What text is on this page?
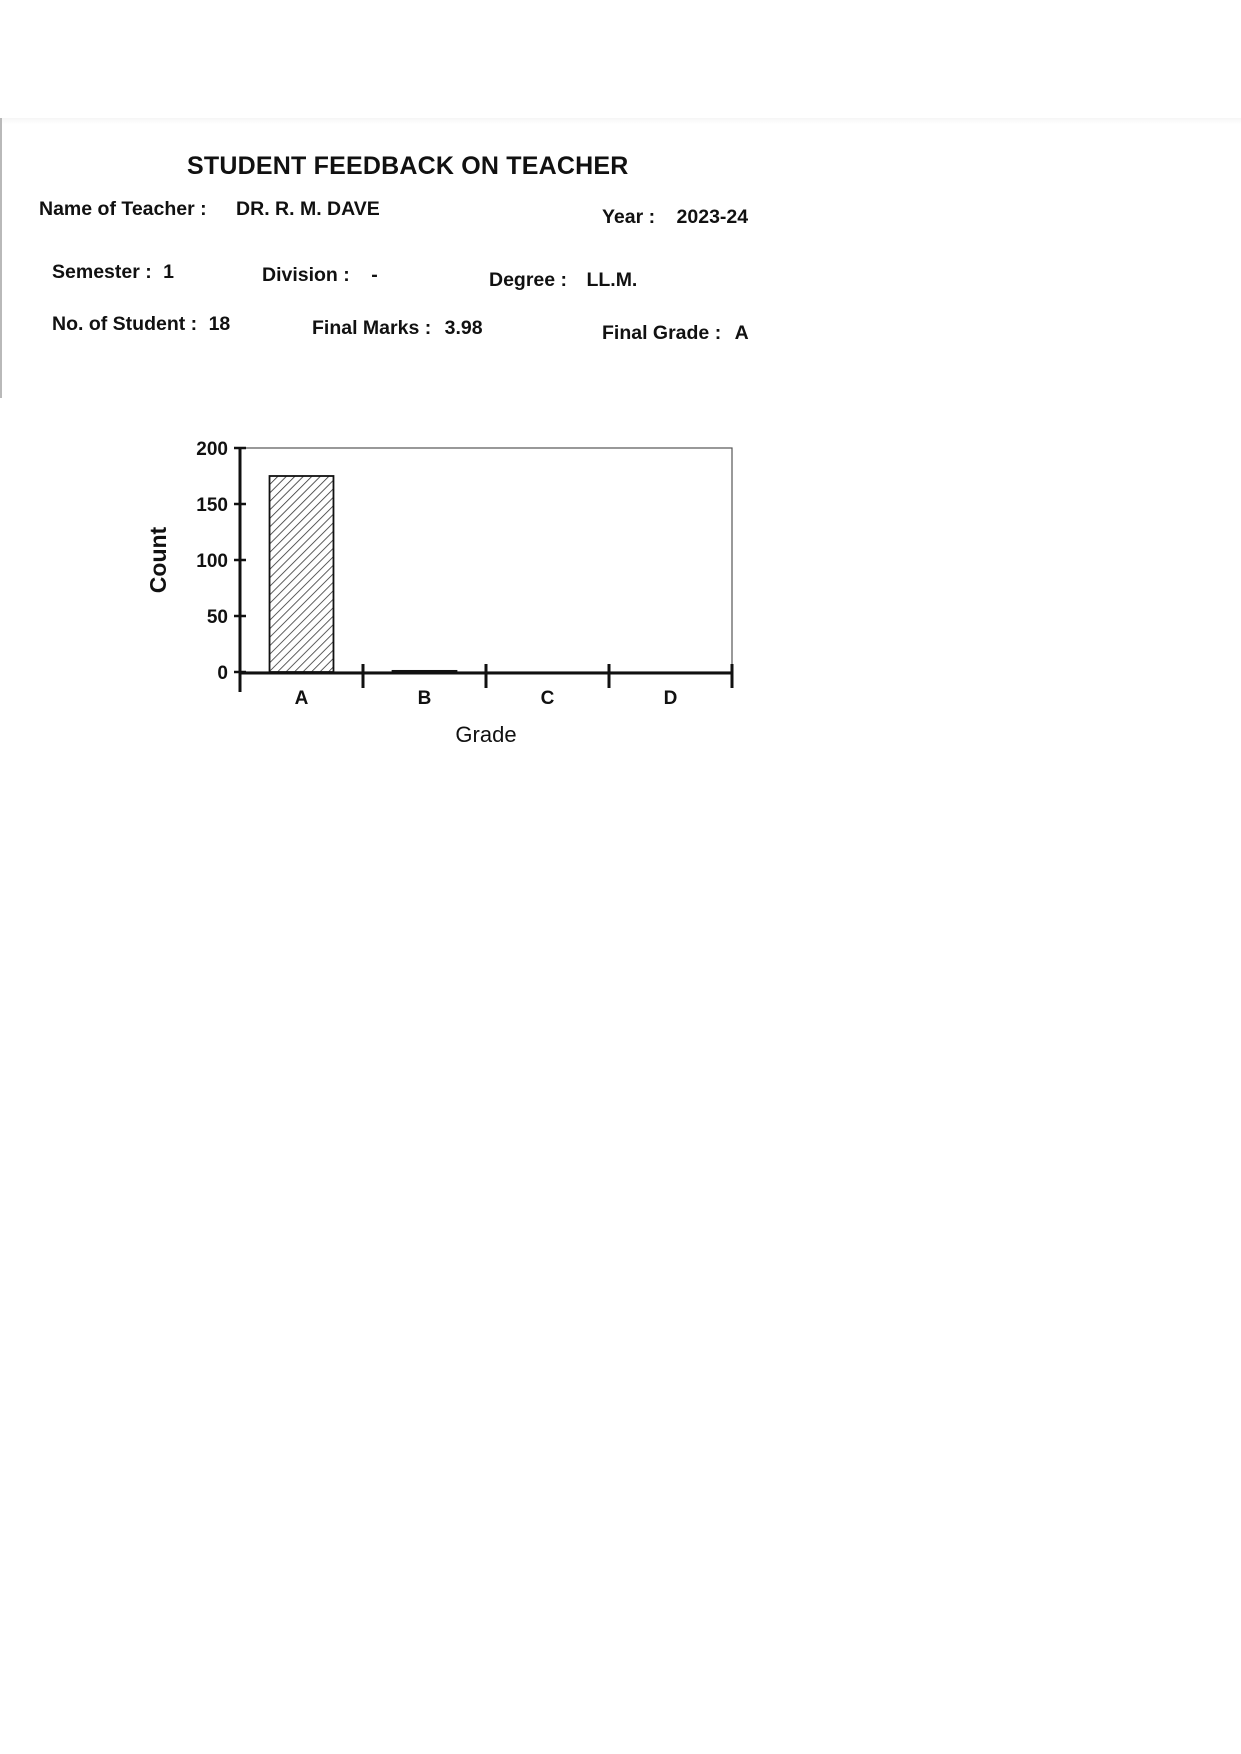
STUDENT FEEDBACK ON TEACHER
Name of Teacher : DR. R. M. DAVE	Year : 2023-24
Semester : 1	Division : -	Degree : LL.M.
No. of Student : 18	Final Marks : 3.98	Final Grade : A
0
50
100
150
200
Count
A	B	C	D
Grade
